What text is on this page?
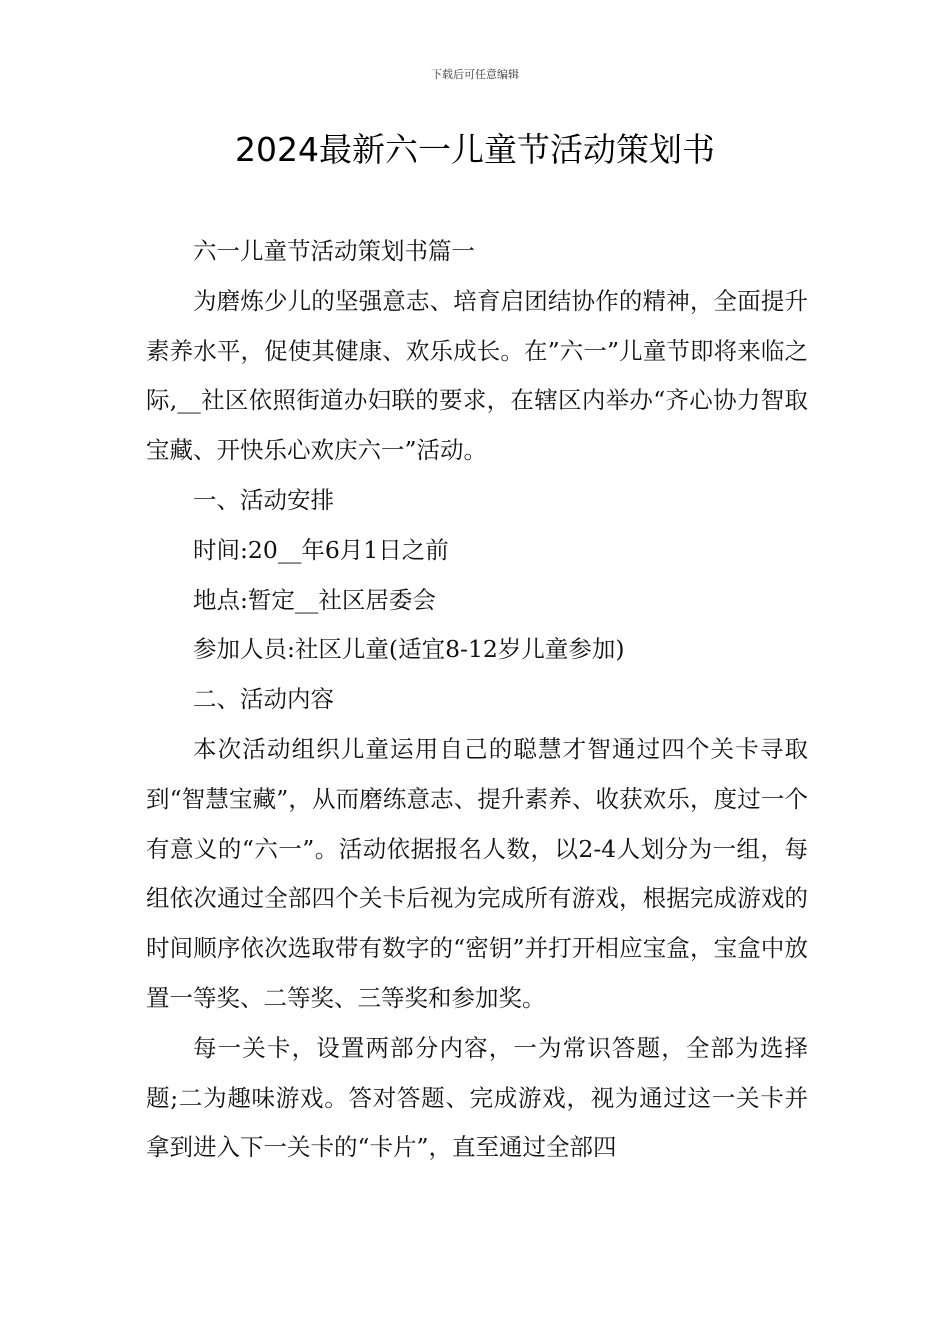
下载后可任意编辑
2024最新六一儿童节活动策划书

六一儿童节活动策划书篇一

为磨炼少儿的坚强意志、培育启团结协作的精神，全面提升素养水平，促使其健康、欢乐成长。在”六一”儿童节即将来临之际,__社区依照街道办妇联的要求，在辖区内举办“齐心协力智取宝藏、开快乐心欢庆六一”活动。

一、活动安排

时间:20__年6月1日之前

地点:暂定__社区居委会

参加人员:社区儿童(适宜8-12岁儿童参加)

二、活动内容

本次活动组织儿童运用自己的聪慧才智通过四个关卡寻取到“智慧宝藏”，从而磨练意志、提升素养、收获欢乐，度过一个有意义的“六一”。活动依据报名人数，以2-4人划分为一组，每组依次通过全部四个关卡后视为完成所有游戏，根据完成游戏的时间顺序依次选取带有数字的“密钥”并打开相应宝盒，宝盒中放置一等奖、二等奖、三等奖和参加奖。

每一关卡，设置两部分内容，一为常识答题，全部为选择题;二为趣味游戏。答对答题、完成游戏，视为通过这一关卡并拿到进入下一关卡的“卡片”，直至通过全部四
